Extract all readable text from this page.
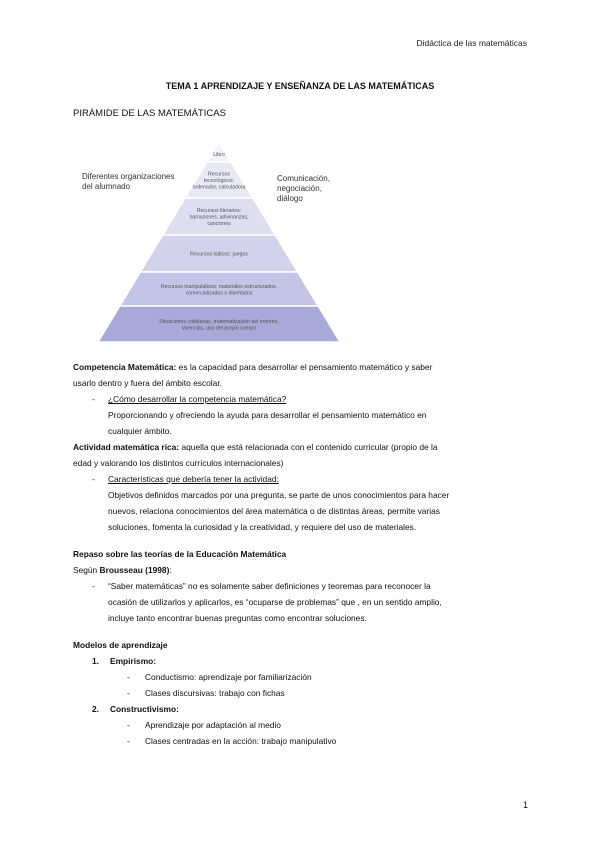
Didáctica de las matemáticas
TEMA 1 APRENDIZAJE Y ENSEÑANZA DE LAS MATEMÁTICAS
PIRÁMIDE DE LAS MATEMÁTICAS
Diferentes organizaciones
del alumnado
Comunicación,
negociación,
diálogo
Libro
Recursos
tecnológicos:
ordenador, calculadora
Recursos literarios:
narraciones, adivinanzas,
canciones
Recursos lúdicos: juegos
Recursos manipulativos: materiales estructurados,
comercializados o diseñados
Situaciones cotidianas, matematización del entorno,
vivencias, uso del propio cuerpo
Competencia Matemática: es la capacidad para desarrollar el pensamiento matemático y saber
usarlo dentro y fuera del ámbito escolar.
- ¿Cómo desarrollar la competencia matemática?
Proporcionando y ofreciendo la ayuda para desarrollar el pensamiento matemático en
cualquier ámbito.
Actividad matemática rica: aquella que está relacionada con el contenido curricular (propio de la
edad y valorando los distintos currículos internacionales)
- Características que debería tener la actividad:
Objetivos definidos marcados por una pregunta, se parte de unos conocimientos para hacer
nuevos, relaciona conocimientos del área matemática o de distintas áreas, permite varias
soluciones, fomenta la curiosidad y la creatividad, y requiere del uso de materiales.
Repaso sobre las teorías de la Educación Matemática
Según Brousseau (1998):
- “Saber matemáticas” no es solamente saber definiciones y teoremas para reconocer la
ocasión de utilizarlos y aplicarlos, es “ocuparse de problemas” que , en un sentido amplio,
incluye tanto encontrar buenas preguntas como encontrar soluciones.
Modelos de aprendizaje
1. Empirismo:
- Conductismo: aprendizaje por familiarización
- Clases discursivas: trabajo con fichas
2. Constructivismo:
- Aprendizaje por adaptación al medio
- Clases centradas en la acción: trabajo manipulativo
1
